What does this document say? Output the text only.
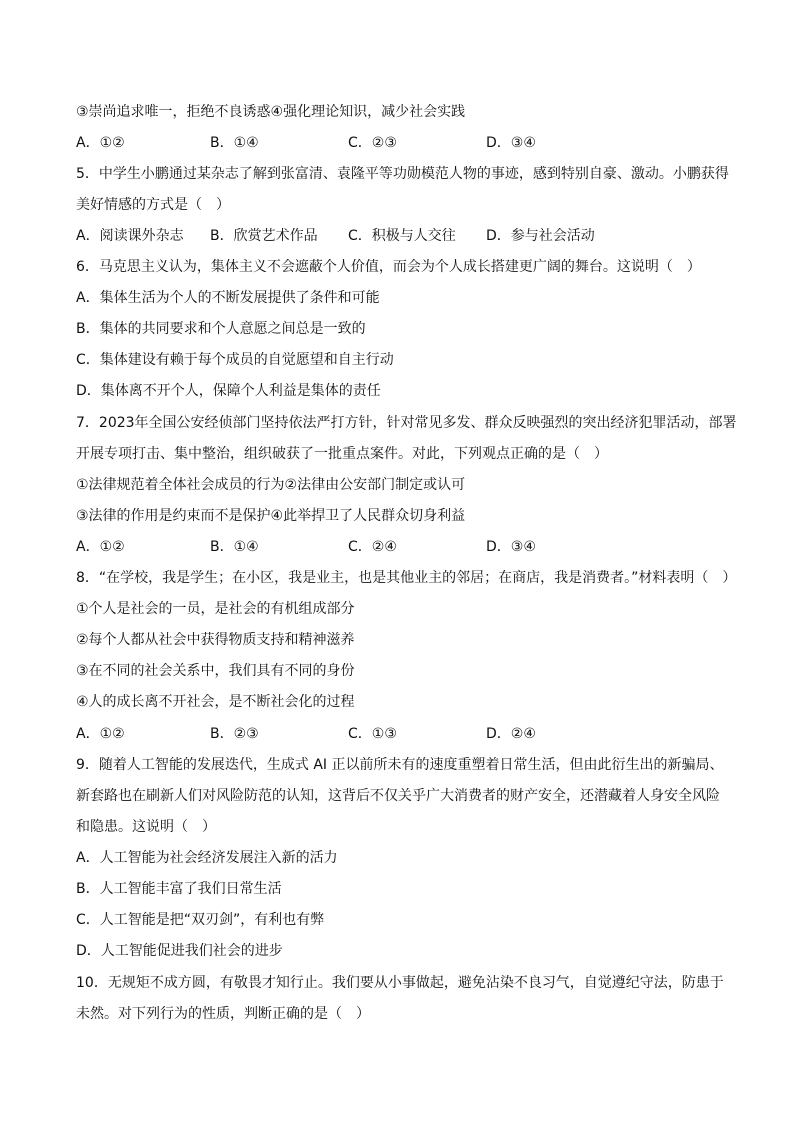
③崇尚追求唯一，拒绝不良诱惑④强化理论知识，减少社会实践
A．①②	B．①④	C．②③	D．③④
5．中学生小鹏通过某杂志了解到张富清、袁隆平等功勋模范人物的事迹，感到特别自豪、激动。小鹏获得
美好情感的方式是（　）
A．阅读课外杂志 B．欣赏艺术作品 C．积极与人交往 D．参与社会活动
6．马克思主义认为，集体主义不会遮蔽个人价值，而会为个人成长搭建更广阔的舞台。这说明（　）
A．集体生活为个人的不断发展提供了条件和可能
B．集体的共同要求和个人意愿之间总是一致的
C．集体建设有赖于每个成员的自觉愿望和自主行动
D．集体离不开个人，保障个人利益是集体的责任
7．2023年全国公安经侦部门坚持依法严打方针，针对常见多发、群众反映强烈的突出经济犯罪活动，部署
开展专项打击、集中整治，组织破获了一批重点案件。对此，下列观点正确的是（　）
①法律规范着全体社会成员的行为②法律由公安部门制定或认可
③法律的作用是约束而不是保护④此举捍卫了人民群众切身利益
A．①②	B．①④	C．②④	D．③④
8．“在学校，我是学生；在小区，我是业主，也是其他业主的邻居；在商店，我是消费者。”材料表明（　）
①个人是社会的一员，是社会的有机组成部分
②每个人都从社会中获得物质支持和精神滋养
③在不同的社会关系中，我们具有不同的身份
④人的成长离不开社会，是不断社会化的过程
A．①②	B．②③	C．①③	D．②④
9．随着人工智能的发展迭代，生成式 AI 正以前所未有的速度重塑着日常生活，但由此衍生出的新骗局、
新套路也在刷新人们对风险防范的认知，这背后不仅关乎广大消费者的财产安全，还潜藏着人身安全风险
和隐患。这说明（　）
A．人工智能为社会经济发展注入新的活力
B．人工智能丰富了我们日常生活
C．人工智能是把“双刃剑”，有利也有弊
D．人工智能促进我们社会的进步
10．无规矩不成方圆，有敬畏才知行止。我们要从小事做起，避免沾染不良习气，自觉遵纪守法，防患于
未然。对下列行为的性质，判断正确的是（　）
